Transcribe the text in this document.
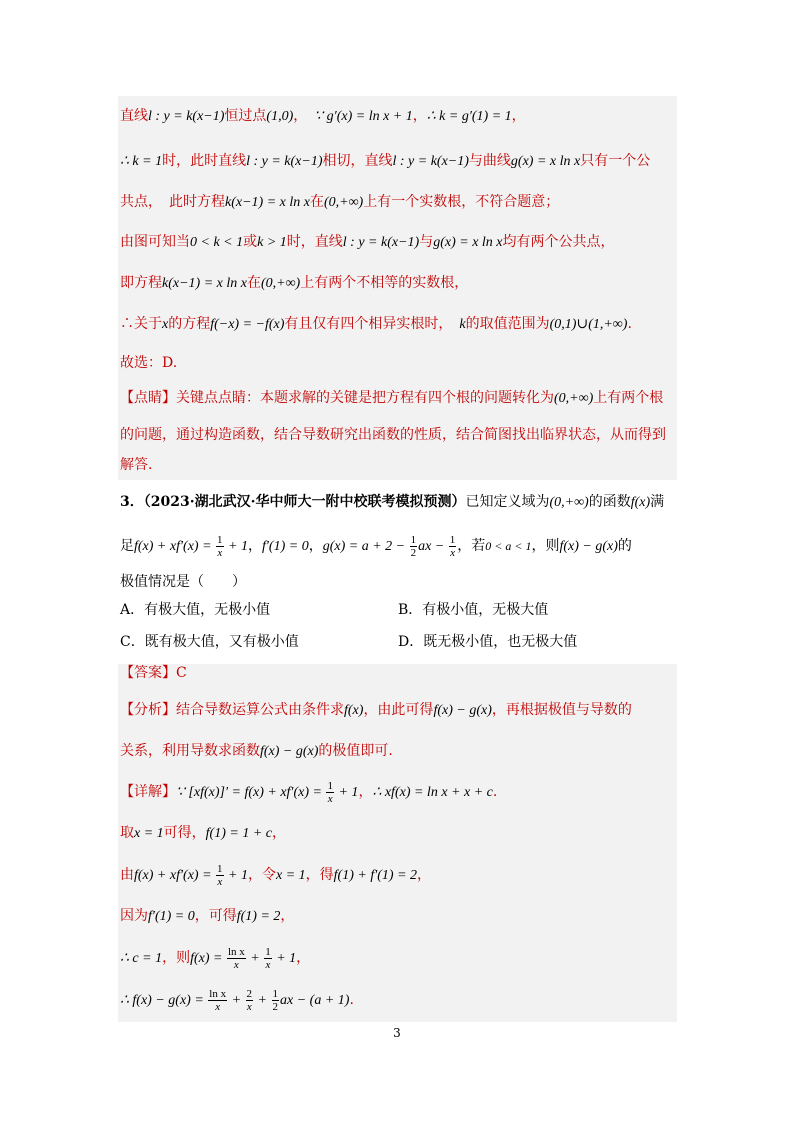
直线l : y = k(x−1)恒过点(1,0)，　∵ g′(x) = ln x + 1，∴ k = g′(1) = 1，
∴ k = 1时，此时直线l : y = k(x−1)相切，直线l : y = k(x−1)与曲线g(x) = x ln x只有一个公
共点，　此时方程k(x−1) = x ln x在(0,+∞)上有一个实数根，不符合题意；
由图可知当0 < k < 1或k > 1时，直线l : y = k(x−1)与g(x) = x ln x均有两个公共点，
即方程k(x−1) = x ln x在(0,+∞)上有两个不相等的实数根，
∴关于x的方程f(−x) = −f(x)有且仅有四个相异实根时，　k的取值范围为(0,1)∪(1,+∞).
故选：D.
【点睛】关键点点睛：本题求解的关键是把方程有四个根的问题转化为(0,+∞)上有两个根
的问题，通过构造函数，结合导数研究出函数的性质，结合简图找出临界状态，从而得到
解答.
3．（2023·湖北武汉·华中师大一附中校联考模拟预测）已知定义域为(0,+∞)的函数f(x)满
足$f(x) + xf'(x) = \frac{1}{x} + 1$，f′(1) = 0，$g(x) = a + 2 - \frac{1}{2}$ ax − $\frac{1}{x}$ ，若0 < a < 1，则f(x) − g(x)的
极值情况是（　　）
A．有极大值，无极小值	B．有极小值，无极大值
C．既有极大值，又有极小值	D．既无极小值，也无极大值
【答案】C
【分析】结合导数运算公式由条件求f(x)，由此可得f(x) − g(x)，再根据极值与导数的
关系，利用导数求函数f(x) − g(x)的极值即可.
【详解】∵ $[xf(x)]' = f(x) + xf'(x) = \frac{1}{x} + 1$，∴ xf(x) = ln x + x + c.
取x = 1可得，f(1) = 1 + c，
由$f(x) + xf'(x) = \frac{1}{x} + 1$，令x = 1，得f(1) + f′(1) = 2，
因为f′(1) = 0，可得f(1) = 2，
∴ c = 1，则$f(x) = \frac{\text{ln x}}{x} + \frac{1}{x} + 1$，
∴ $f(x) - g(x) = \frac{\text{ln x}}{x} + \frac{2}{x} + \frac{1}{2}$ ax − (a + 1).
3
